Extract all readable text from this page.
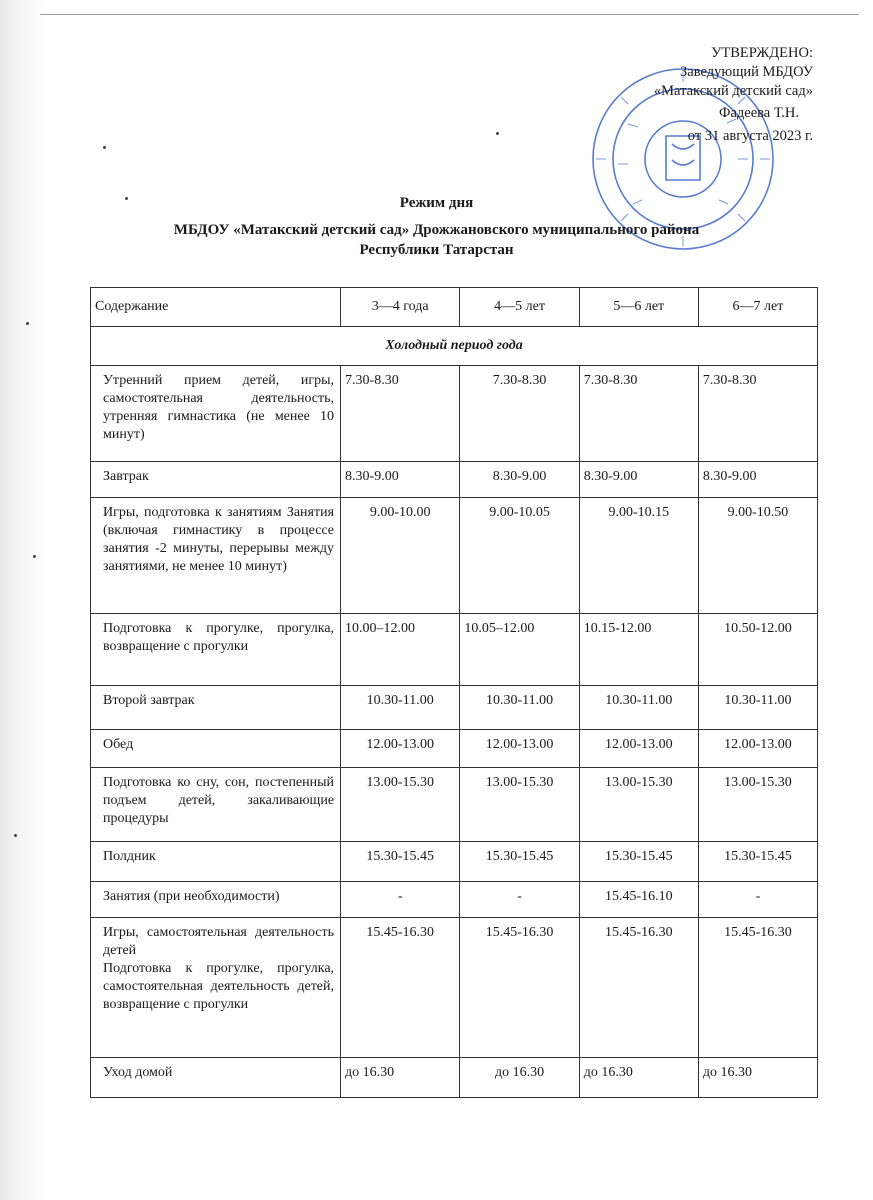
УТВЕРЖДЕНО:
Заведующий МБДОУ
«Матакский детский сад»
Фадеева Т.Н.
от 31 августа 2023 г.
Режим дня
МБДОУ «Матакский детский сад» Дрожжановского муниципального района
Республики Татарстан
Содержание	3—4 года	4—5 лет	5—6 лет	6—7 лет
Холодный период года				
Утренний прием детей, игры, самостоятельная деятельность, утренняя гимнастика (не менее 10 минут)	7.30-8.30	7.30-8.30	7.30-8.30	7.30-8.30
Завтрак	8.30-9.00	8.30-9.00	8.30-9.00	8.30-9.00
Игры, подготовка к занятиям Занятия (включая гимнастику в процессе занятия -2 минуты, перерывы между занятиями, не менее 10 минут)	9.00-10.00	9.00-10.05	9.00-10.15	9.00-10.50
Подготовка к прогулке, прогулка, возвращение с прогулки	10.00–12.00	10.05–12.00	10.15-12.00	10.50-12.00
Второй завтрак	10.30-11.00	10.30-11.00	10.30-11.00	10.30-11.00
Обед	12.00-13.00	12.00-13.00	12.00-13.00	12.00-13.00
Подготовка ко сну, сон, постепенный подъем детей, закаливающие процедуры	13.00-15.30	13.00-15.30	13.00-15.30	13.00-15.30
Полдник	15.30-15.45	15.30-15.45	15.30-15.45	15.30-15.45
Занятия (при необходимости)	-	-	15.45-16.10	-
Игры, самостоятельная деятельность детей Подготовка к прогулке, прогулка, самостоятельная деятельность детей, возвращение с прогулки	15.45-16.30	15.45-16.30	15.45-16.30	15.45-16.30
Уход домой	до 16.30	до 16.30	до 16.30	до 16.30
